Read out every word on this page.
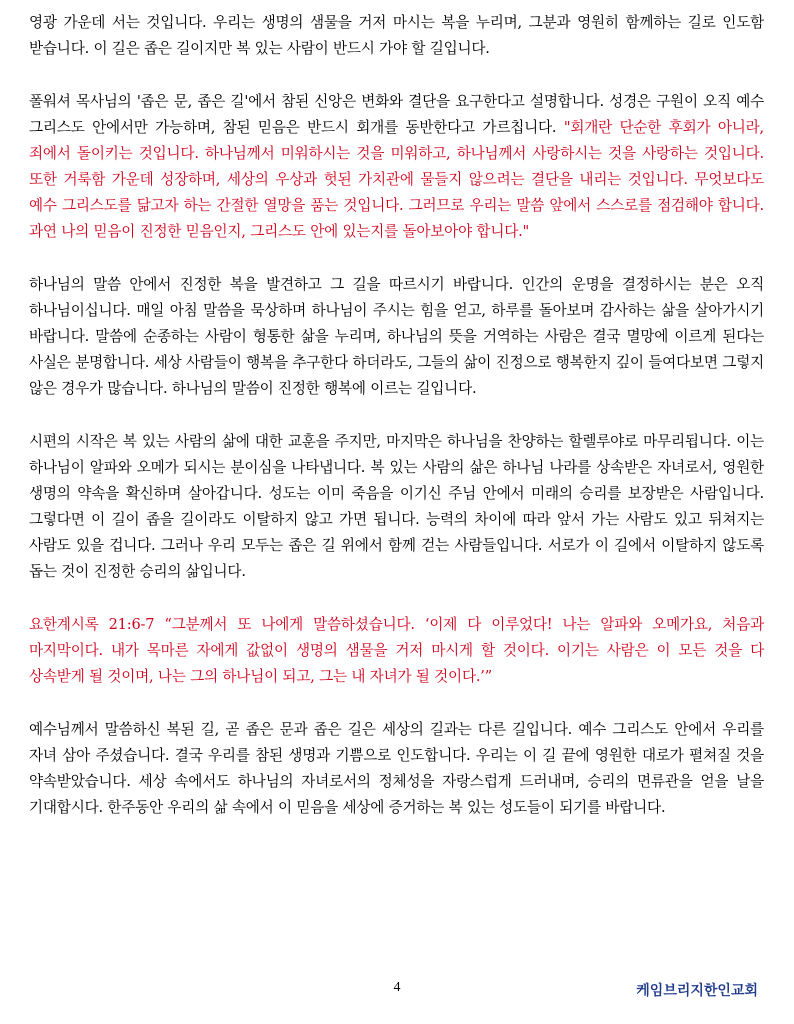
영광 가운데 서는 것입니다. 우리는 생명의 샘물을 거저 마시는 복을 누리며, 그분과 영원히 함께하는 길로 인도함 받습니다. 이 길은 좁은 길이지만 복 있는 사람이 반드시 가야 할 길입니다.

폴워셔 목사님의 '좁은 문, 좁은 길'에서 참된 신앙은 변화와 결단을 요구한다고 설명합니다. 성경은 구원이 오직 예수 그리스도 안에서만 가능하며, 참된 믿음은 반드시 회개를 동반한다고 가르칩니다. "회개란 단순한 후회가 아니라, 죄에서 돌이키는 것입니다. 하나님께서 미워하시는 것을 미워하고, 하나님께서 사랑하시는 것을 사랑하는 것입니다. 또한 거룩함 가운데 성장하며, 세상의 우상과 헛된 가치관에 물들지 않으려는 결단을 내리는 것입니다. 무엇보다도 예수 그리스도를 닮고자 하는 간절한 열망을 품는 것입니다. 그러므로 우리는 말씀 앞에서 스스로를 점검해야 합니다. 과연 나의 믿음이 진정한 믿음인지, 그리스도 안에 있는지를 돌아보아야 합니다."

하나님의 말씀 안에서 진정한 복을 발견하고 그 길을 따르시기 바랍니다. 인간의 운명을 결정하시는 분은 오직 하나님이십니다. 매일 아침 말씀을 묵상하며 하나님이 주시는 힘을 얻고, 하루를 돌아보며 감사하는 삶을 살아가시기 바랍니다. 말씀에 순종하는 사람이 형통한 삶을 누리며, 하나님의 뜻을 거역하는 사람은 결국 멸망에 이르게 된다는 사실은 분명합니다. 세상 사람들이 행복을 추구한다 하더라도, 그들의 삶이 진정으로 행복한지 깊이 들여다보면 그렇지 않은 경우가 많습니다. 하나님의 말씀이 진정한 행복에 이르는 길입니다.

시편의 시작은 복 있는 사람의 삶에 대한 교훈을 주지만, 마지막은 하나님을 찬양하는 할렐루야로 마무리됩니다. 이는 하나님이 알파와 오메가 되시는 분이심을 나타냅니다. 복 있는 사람의 삶은 하나님 나라를 상속받은 자녀로서, 영원한 생명의 약속을 확신하며 살아갑니다. 성도는 이미 죽음을 이기신 주님 안에서 미래의 승리를 보장받은 사람입니다. 그렇다면 이 길이 좁을 길이라도 이탈하지 않고 가면 됩니다. 능력의 차이에 따라 앞서 가는 사람도 있고 뒤쳐지는 사람도 있을 겁니다. 그러나 우리 모두는 좁은 길 위에서 함께 걷는 사람들입니다. 서로가 이 길에서 이탈하지 않도록 돕는 것이 진정한 승리의 삶입니다.

요한계시록 21:6-7 “그분께서 또 나에게 말씀하셨습니다. ‘이제 다 이루었다! 나는 알파와 오메가요, 처음과 마지막이다. 내가 목마른 자에게 값없이 생명의 샘물을 거저 마시게 할 것이다. 이기는 사람은 이 모든 것을 다 상속받게 될 것이며, 나는 그의 하나님이 되고, 그는 내 자녀가 될 것이다.’”

예수님께서 말씀하신 복된 길, 곧 좁은 문과 좁은 길은 세상의 길과는 다른 길입니다. 예수 그리스도 안에서 우리를 자녀 삼아 주셨습니다. 결국 우리를 참된 생명과 기쁨으로 인도합니다. 우리는 이 길 끝에 영원한 대로가 펼쳐질 것을 약속받았습니다. 세상 속에서도 하나님의 자녀로서의 정체성을 자랑스럽게 드러내며, 승리의 면류관을 얻을 날을 기대합시다. 한주동안 우리의 삶 속에서 이 믿음을 세상에 증거하는 복 있는 성도들이 되기를 바랍니다.

4	케임브리지한인교회
